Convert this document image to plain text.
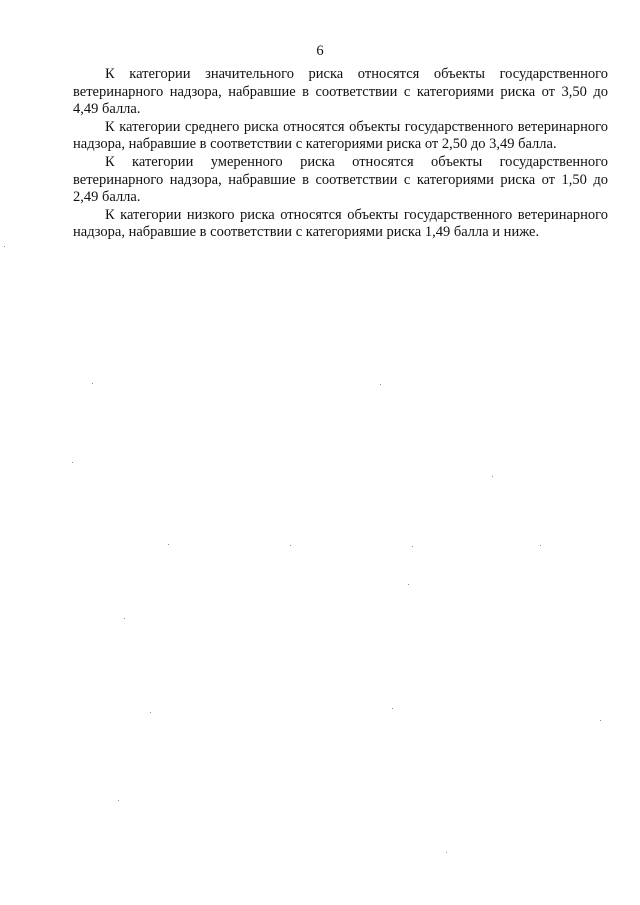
6

К категории значительного риска относятся объекты государственного ветеринарного надзора, набравшие в соответствии с категориями риска от 3,50 до 4,49 балла.

К категории среднего риска относятся объекты государственного ветеринарного надзора, набравшие в соответствии с категориями риска от 2,50 до 3,49 балла.

К категории умеренного риска относятся объекты государственного ветеринарного надзора, набравшие в соответствии с категориями риска от 1,50 до 2,49 балла.

К категории низкого риска относятся объекты государственного ветеринарного надзора, набравшие в соответствии с категориями риска 1,49 балла и ниже.
